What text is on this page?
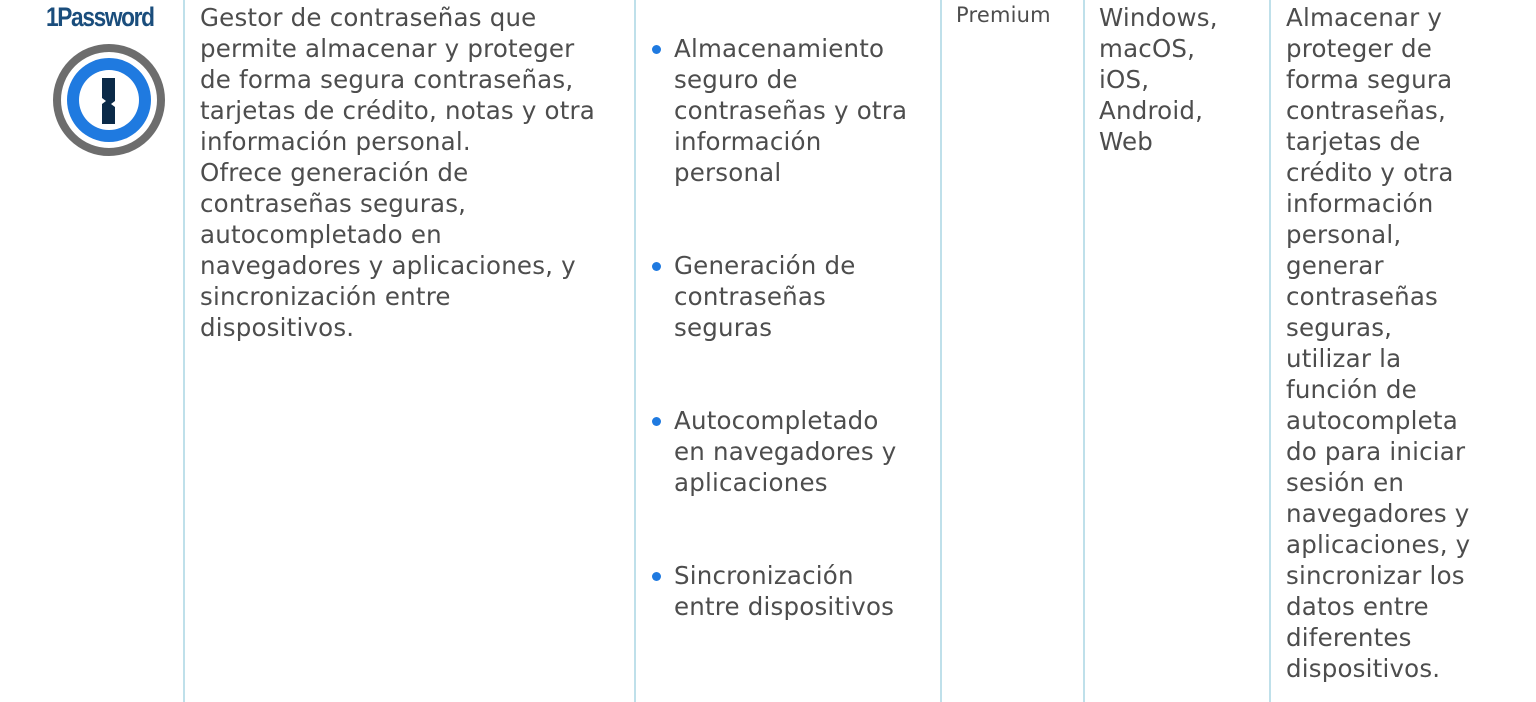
1Password Gestor de contraseñas que
permite almacenar y proteger
de forma segura contraseñas,
tarjetas de crédito, notas y otra
información personal.
Ofrece generación de
contraseñas seguras,
autocompletado en
navegadores y aplicaciones, y
sincronización entre
dispositivos.

Almacenamiento
seguro de
contraseñas y otra
información
personal

Generación de
contraseñas
seguras

Autocompletado
en navegadores y
aplicaciones

Sincronización
entre dispositivos

Premium Windows,
macOS,
iOS,
Android,
Web
Almacenar y
proteger de
forma segura
contraseñas,
tarjetas de
crédito y otra
información
personal,
generar
contraseñas
seguras,
utilizar la
función de
autocompleta
do para iniciar
sesión en
navegadores y
aplicaciones, y
sincronizar los
datos entre
diferentes
dispositivos.
